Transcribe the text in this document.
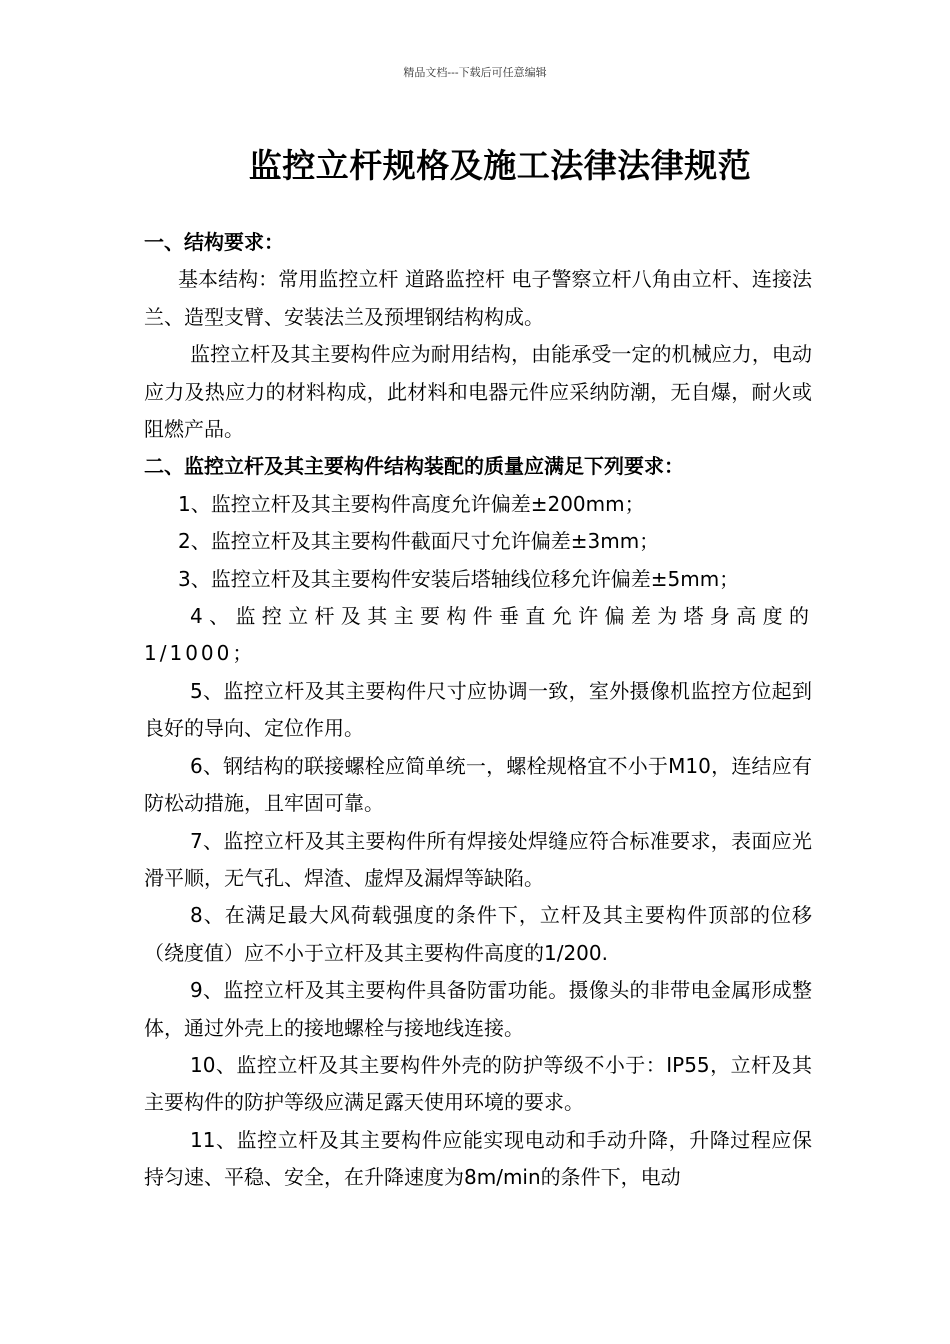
精品文档---下载后可任意编辑
监控立杆规格及施工法律法律规范

一、结构要求：

基本结构：常用监控立杆 道路监控杆 电子警察立杆八角由立杆、连接法兰、造型支臂、安装法兰及预埋钢结构构成。

监控立杆及其主要构件应为耐用结构，由能承受一定的机械应力，电动应力及热应力的材料构成，此材料和电器元件应采纳防潮，无自爆，耐火或阻燃产品。

二、监控立杆及其主要构件结构装配的质量应满足下列要求：

1、监控立杆及其主要构件高度允许偏差±200mm；

2、监控立杆及其主要构件截面尺寸允许偏差±3mm；

3、监控立杆及其主要构件安装后塔轴线位移允许偏差±5mm；

4、监控立杆及其主要构件垂直允许偏差为塔身高度的1/1000；

5、监控立杆及其主要构件尺寸应协调一致，室外摄像机监控方位起到良好的导向、定位作用。

6、钢结构的联接螺栓应简单统一，螺栓规格宜不小于M10，连结应有防松动措施，且牢固可靠。

7、监控立杆及其主要构件所有焊接处焊缝应符合标准要求，表面应光滑平顺，无气孔、焊渣、虚焊及漏焊等缺陷。

8、在满足最大风荷载强度的条件下，立杆及其主要构件顶部的位移（绕度值）应不小于立杆及其主要构件高度的1/200.

9、监控立杆及其主要构件具备防雷功能。摄像头的非带电金属形成整体，通过外壳上的接地螺栓与接地线连接。

10、监控立杆及其主要构件外壳的防护等级不小于：IP55，立杆及其主要构件的防护等级应满足露天使用环境的要求。

11、监控立杆及其主要构件应能实现电动和手动升降，升降过程应保持匀速、平稳、安全，在升降速度为8m/min的条件下，电动
